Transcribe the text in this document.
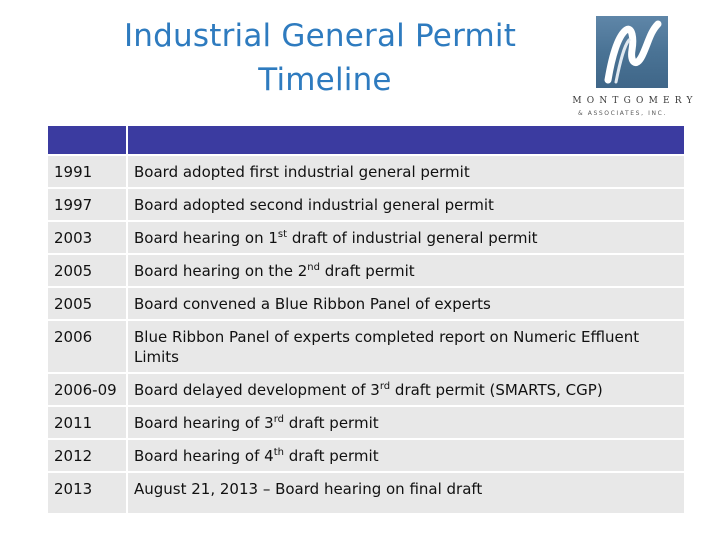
Industrial General Permit
Timeline
MONTGOMERY
& ASSOCIATES, INC.

1991	Board adopted first industrial general permit
1997	Board adopted second industrial general permit
2003	Board hearing on 1st draft of industrial general permit
2005	Board hearing on the 2nd draft permit
2005	Board convened a Blue Ribbon Panel of experts
2006	Blue Ribbon Panel of experts completed report on Numeric Effluent Limits
2006-09	Board delayed development of 3rd draft permit (SMARTS, CGP)
2011	Board hearing of 3rd draft permit
2012	Board hearing of 4th draft permit
2013	August 21, 2013 – Board hearing on final draft
